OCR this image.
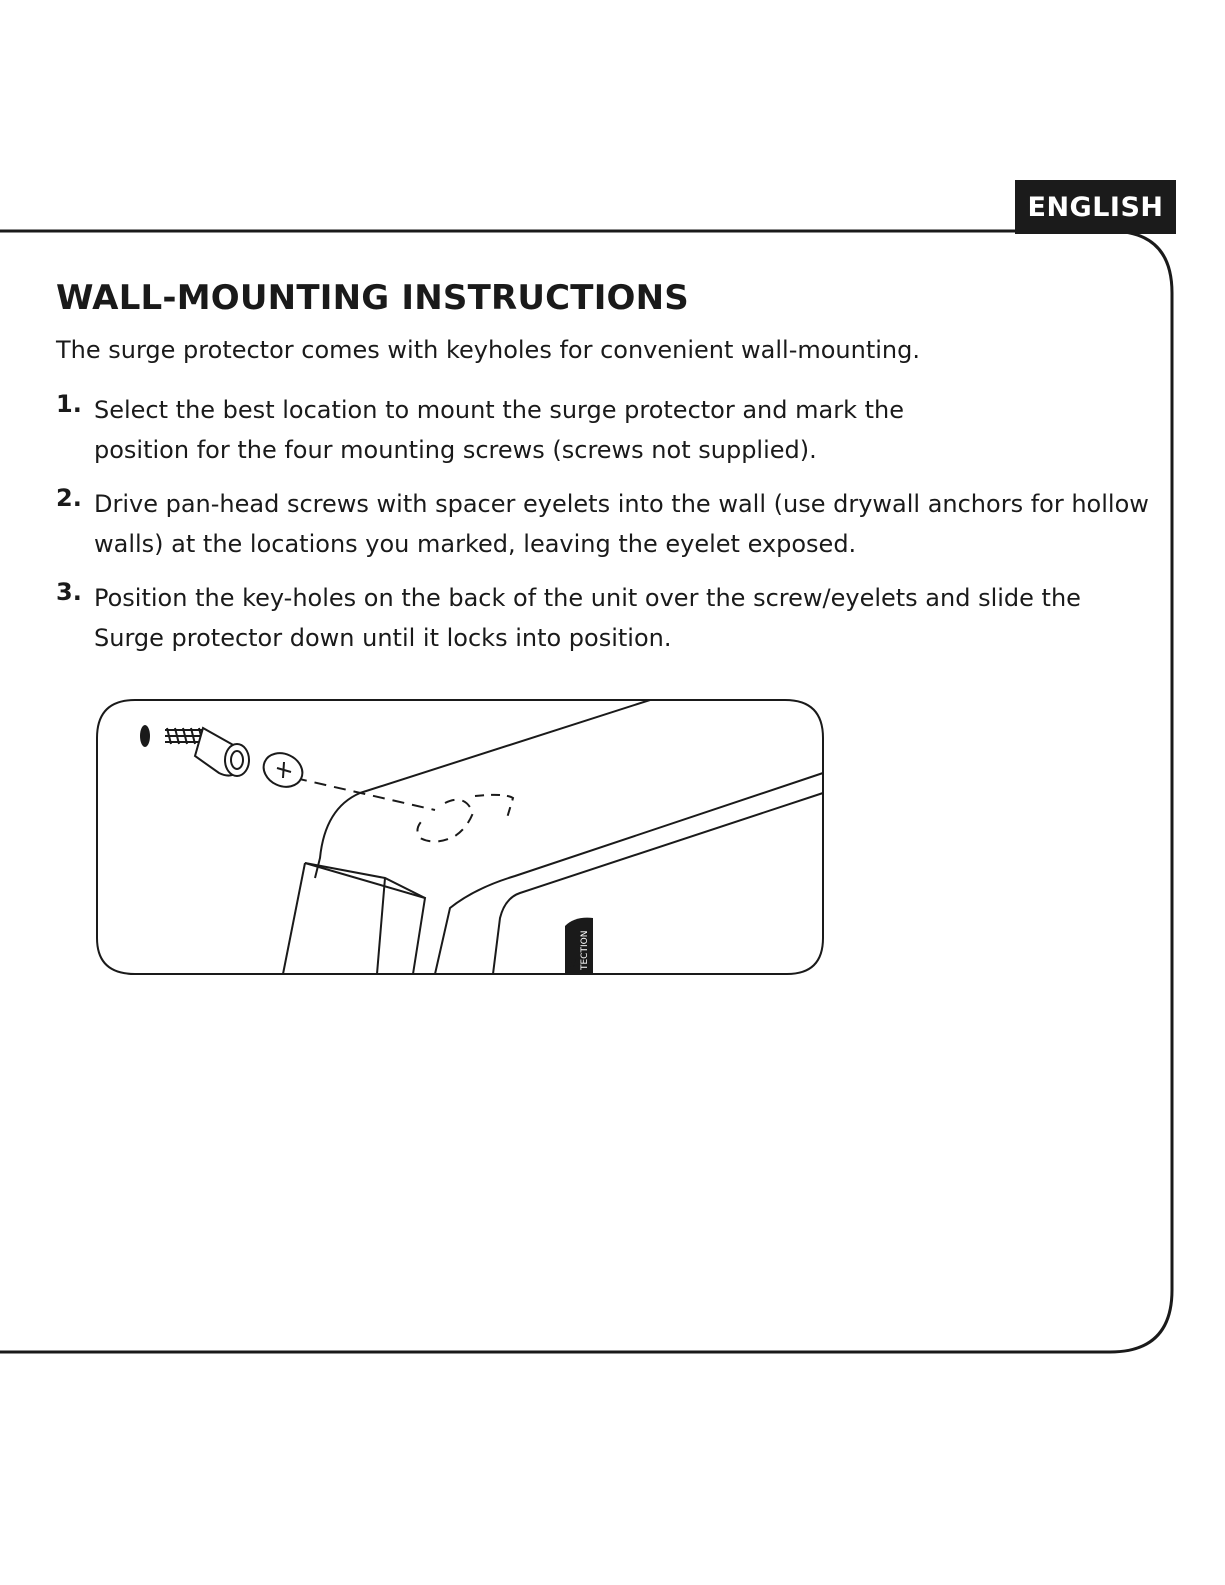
ENGLISH
WALL-MOUNTING INSTRUCTIONS

The surge protector comes with keyholes for convenient wall-mounting.

1. Select the best location to mount the surge protector and mark the position for the four mounting screws (screws not supplied).
2. Drive pan-head screws with spacer eyelets into the wall (use drywall anchors for hollow walls) at the locations you marked, leaving the eyelet exposed.
3. Position the key-holes on the back of the unit over the screw/eyelets and slide the Surge protector down until it locks into position.
RGE TECTION
